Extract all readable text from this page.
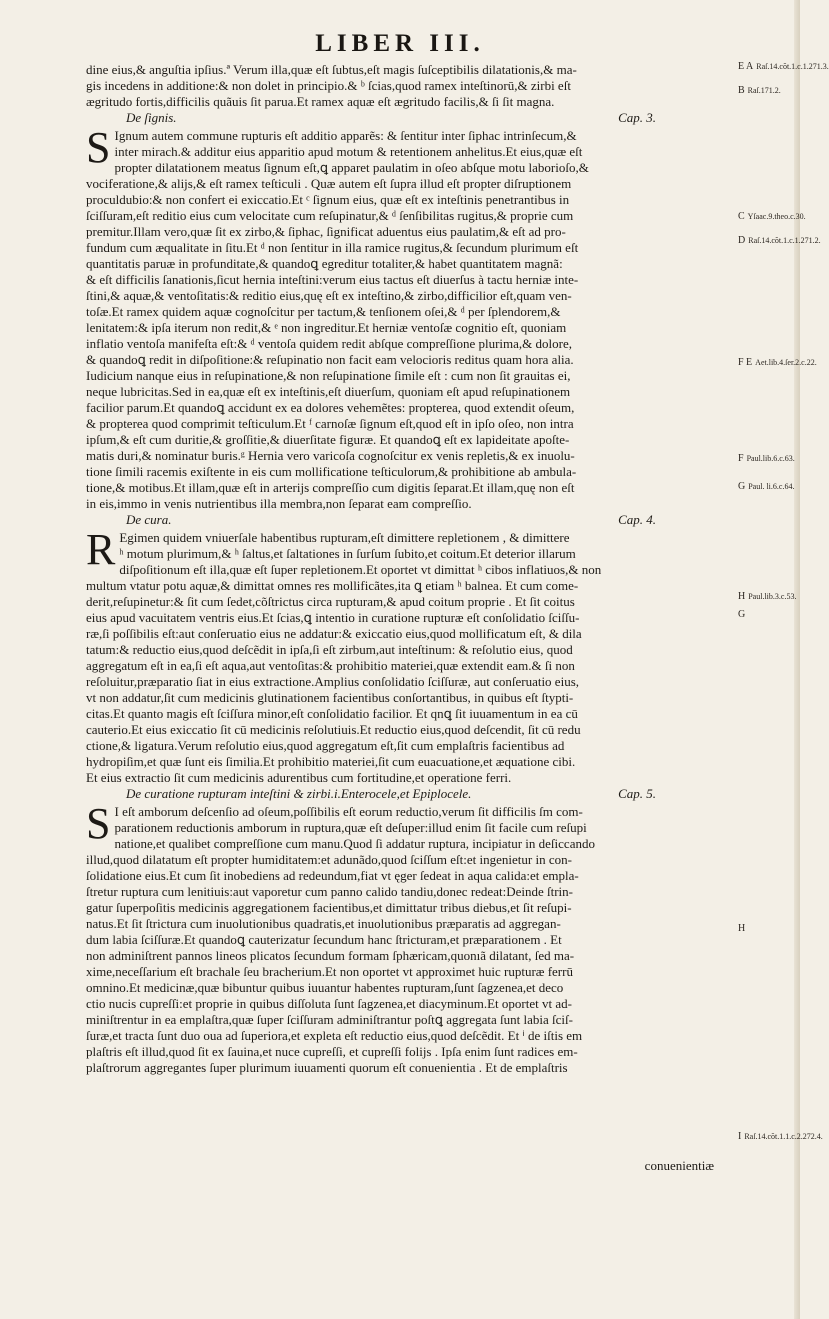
LIBER III.
dine eius,& anguſtia ipſius.ª Verum illa,quæ eſt ſubtus,eſt magis ſuſceptibilis dilatationis,& ma-
gis incedens in additione:& non dolet in principio.& ᵇ ſcias,quod ramex inteſtinorū,& zirbi eſt
ægritudo fortis,difficilis quãuis ſit parua.Et ramex aquæ eſt ægritudo facilis,& ſi ſit magna.
De ſignis.	Cap. 3.
S Ignum autem commune rupturis eſt additio apparẽs: & ſentitur inter ſiphac intrinſecum,&
inter mirach.& additur eius apparitio apud motum & retentionem anhelitus.Et eius,quæ eſt
propter dilatationem meatus ſignum eſt,ꝗ apparet paulatim in oſeo abſque motu laborioſo,&
vociferatione,& alijs,& eſt ramex teſticuli . Quæ autem eſt ſupra illud eſt propter diſruptionem
proculdubio:& non confert ei exiccatio.Et ᶜ ſignum eius, quæ eſt ex inteſtinis penetrantibus in
ſciſſuram,eſt reditio eius cum velocitate cum reſupinatur,& ᵈ ſenſibilitas rugitus,& proprie cum
premitur.Illam vero,quæ ſit ex zirbo,& ſiphac, ſignificat aduentus eius paulatim,& eſt ad pro-
fundum cum æqualitate in ſitu.Et ᵈ non ſentitur in illa ramice rugitus,& ſecundum plurimum eſt
quantitatis paruæ in profunditate,& quandoꝗ egreditur totaliter,& habet quantitatem magnã:
& eſt difficilis ſanationis,ſicut hernia inteſtini:verum eius tactus eſt diuerſus à tactu herniæ inte-
ſtini,& aquæ,& ventoſitatis:& reditio eius,quę eſt ex inteſtino,& zirbo,difficilior eſt,quam ven-
toſæ.Et ramex quidem aquæ cognoſcitur per tactum,& tenſionem oſei,& ᵈ per ſplendorem,&
lenitatem:& ipſa iterum non redit,& ᵉ non ingreditur.Et herniæ ventoſæ cognitio eſt, quoniam
inflatio ventoſa manifeſta eſt:& ᵈ ventoſa quidem redit abſque compreſſione plurima,& dolore,
& quandoꝗ redit in diſpoſitione:& reſupinatio non facit eam velocioris reditus quam hora alia.
Iudicium nanque eius in reſupinatione,& non reſupinatione ſimile eſt : cum non ſit grauitas ei,
neque lubricitas.Sed in ea,quæ eſt ex inteſtinis,eſt diuerſum, quoniam eſt apud reſupinationem
facilior parum.Et quandoꝗ accidunt ex ea dolores vehemẽtes: propterea, quod extendit oſeum,
& propterea quod comprimit teſticulum.Et ᶠ carnoſæ ſignum eſt,quod eſt in ipſo oſeo, non intra
ipſum,& eſt cum duritie,& groſſitie,& diuerſitate figuræ. Et quandoꝗ eſt ex lapideitate apoſte-
matis duri,& nominatur buris.ᵍ Hernia vero varicoſa cognoſcitur ex venis repletis,& ex inuolu-
tione ſimili racemis exiſtente in eis cum mollificatione teſticulorum,& prohibitione ab ambula-
tione,& motibus.Et illam,quæ eſt in arterijs compreſſio cum digitis ſeparat.Et illam,quę non eſt
in eis,immo in venis nutrientibus illa membra,non ſeparat eam compreſſio.
De cura.	Cap. 4.
R Egimen quidem vniuerſale habentibus rupturam,eſt dimittere repletionem , & dimittere
ʰ motum plurimum,& ʰ ſaltus,et ſaltationes in ſurſum ſubito,et coitum.Et deterior illarum
diſpoſitionum eſt illa,quæ eſt ſuper repletionem.Et oportet vt dimittat ʰ cibos inflatiuos,& non
multum vtatur potu aquæ,& dimittat omnes res mollificãtes,ita ꝗ etiam ʰ balnea. Et cum come-
derit,reſupinetur:& ſit cum ſedet,cõſtrictus circa rupturam,& apud coitum proprie . Et ſit coitus
eius apud vacuitatem ventris eius.Et ſcias,ꝗ intentio in curatione rupturæ eſt conſolidatio ſciſſu-
ræ,ſi poſſibilis eſt:aut conſeruatio eius ne addatur:& exiccatio eius,quod mollificatum eſt, & dila
tatum:& reductio eius,quod deſcẽdit in ipſa,ſi eſt zirbum,aut inteſtinum: & reſolutio eius, quod
aggregatum eſt in ea,ſi eſt aqua,aut ventoſitas:& prohibitio materiei,quæ extendit eam.& ſi non
reſoluitur,præparatio ſiat in eius extractione.Amplius conſolidatio ſciſſuræ, aut conſeruatio eius,
vt non addatur,ſit cum medicinis glutinationem facientibus conſortantibus, in quibus eſt ſtypti-
citas.Et quanto magis eſt ſciſſura minor,eſt conſolidatio facilior. Et qnꝗ ſit iuuamentum in ea cū
cauterio.Et eius exiccatio ſit cū medicinis reſolutiuis.Et reductio eius,quod deſcendit, ſit cū redu
ctione,& ligatura.Verum reſolutio eius,quod aggregatum eſt,ſit cum emplaſtris facientibus ad
hydropiſim,et quæ ſunt eis ſimilia.Et prohibitio materiei,ſit cum euacuatione,et æquatione cibi.
Et eius extractio ſit cum medicinis adurentibus cum fortitudine,et operatione ferri.
De curatione rupturam inteſtini & zirbi.i.Enterocele,et Epiplocele.	Cap. 5.
S I eſt amborum deſcenſio ad oſeum,poſſibilis eſt eorum reductio,verum ſit difficilis ſm com-
parationem reductionis amborum in ruptura,quæ eſt deſuper:illud enim ſit facile cum reſupi
natione,et qualibet compreſſione cum manu.Quod ſi addatur ruptura, incipiatur in deſiccando
illud,quod dilatatum eſt propter humiditatem:et adunãdo,quod ſciſſum eſt:et ingenietur in con-
ſolidatione eius.Et cum ſit inobediens ad redeundum,fiat vt ęger ſedeat in aqua calida:et empla-
ſtretur ruptura cum lenitiuis:aut vaporetur cum panno calido tandiu,donec redeat:Deinde ſtrin-
gatur ſuperpoſitis medicinis aggregationem facientibus,et dimittatur tribus diebus,et ſit reſupi-
natus.Et ſit ſtrictura cum inuolutionibus quadratis,et inuolutionibus præparatis ad aggregan-
dum labia ſciſſuræ.Et quandoꝗ cauterizatur ſecundum hanc ſtricturam,et præparationem . Et
non adminiſtrent pannos lineos plicatos ſecundum formam ſphæricam,quonıã dilatant, ſed ma-
xime,neceſſarium eſt brachale ſeu bracherium.Et non oportet vt approximet huic rupturæ ferrū
omnino.Et medicinæ,quæ bibuntur quibus iuuantur habentes rupturam,ſunt ſagzenea,et deco
ctio nucis cupreſſi:et proprie in quibus diſſoluta ſunt ſagzenea,et diacyminum.Et oportet vt ad-
miniſtrentur in ea emplaſtra,quæ ſuper ſciſſuram adminiſtrantur poſtꝗ aggregata ſunt labia ſciſ-
ſuræ,et tracta ſunt duo oua ad ſuperiora,et expleta eſt reductio eius,quod deſcẽdit. Et ⁱ de iſtis em
plaſtris eſt illud,quod ſit ex ſauina,et nuce cupreſſi, et cupreſſi folijs . Ipſa enim ſunt radices em-
plaſtrorum aggregantes ſuper plurimum iuuamenti quorum eſt conuenientia . Et de emplaſtris
E A Raſ.14.cõt.1.c.1.271.3.
B Raſ.171.2.
C Yſaac.9.theo.c.30.
D Raſ.14.cõt.1.c.1.271.2.
F E Aet.lib.4.ſer.2.c.22.
F Paul.lib.6.c.63.
G Paul. li.6.c.64.
H Paul.lib.3.c.53.
G
H
I Raſ.14.cõt.1.1.c.2.272.4.
conuenientiæ
